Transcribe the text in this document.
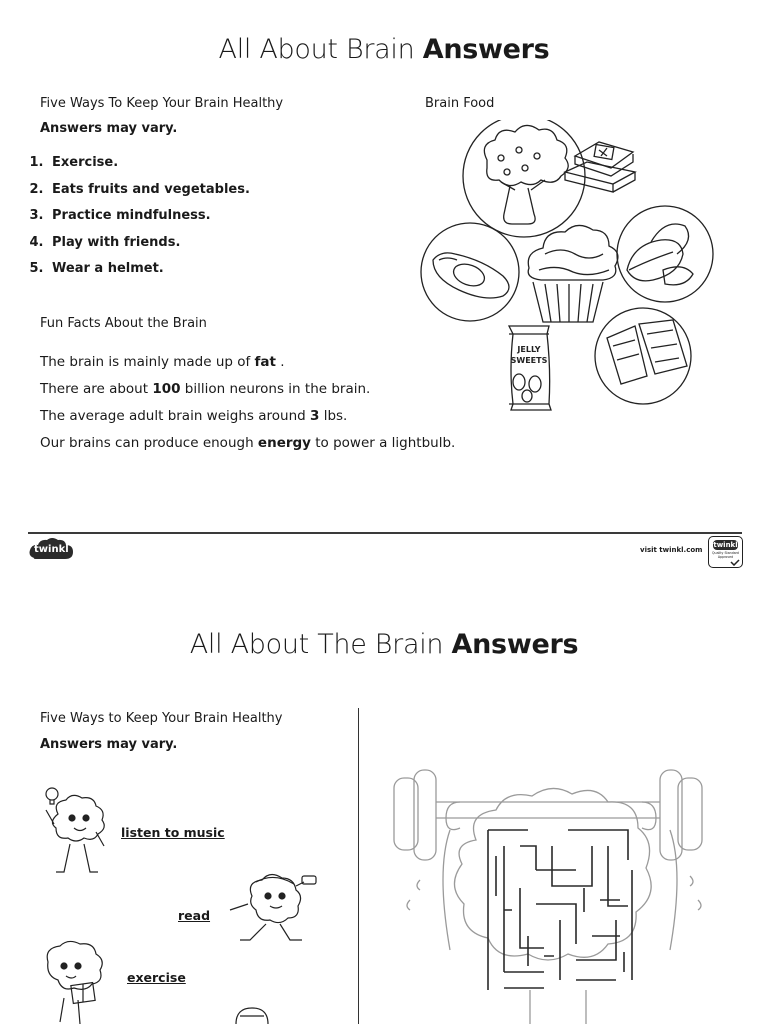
All About Brain Answers
Five Ways To Keep Your Brain Healthy
Answers may vary.
1. Exercise.
2. Eats fruits and vegetables.
3. Practice mindfulness.
4. Play with friends.
5. Wear a helmet.
Fun Facts About the Brain
The brain is mainly made up of fat .
There are about 100 billion neurons in the brain.
The average adult brain weighs around 3 lbs.
Our brains can produce enough energy to power a lightbulb.
Brain Food
JELLY
SWEETS
twinkl	visit twinkl.com
twinkl
Quality Standard Approved
All About The Brain Answers
Five Ways to Keep Your Brain Healthy
Answers may vary.
listen to music
read
exercise
